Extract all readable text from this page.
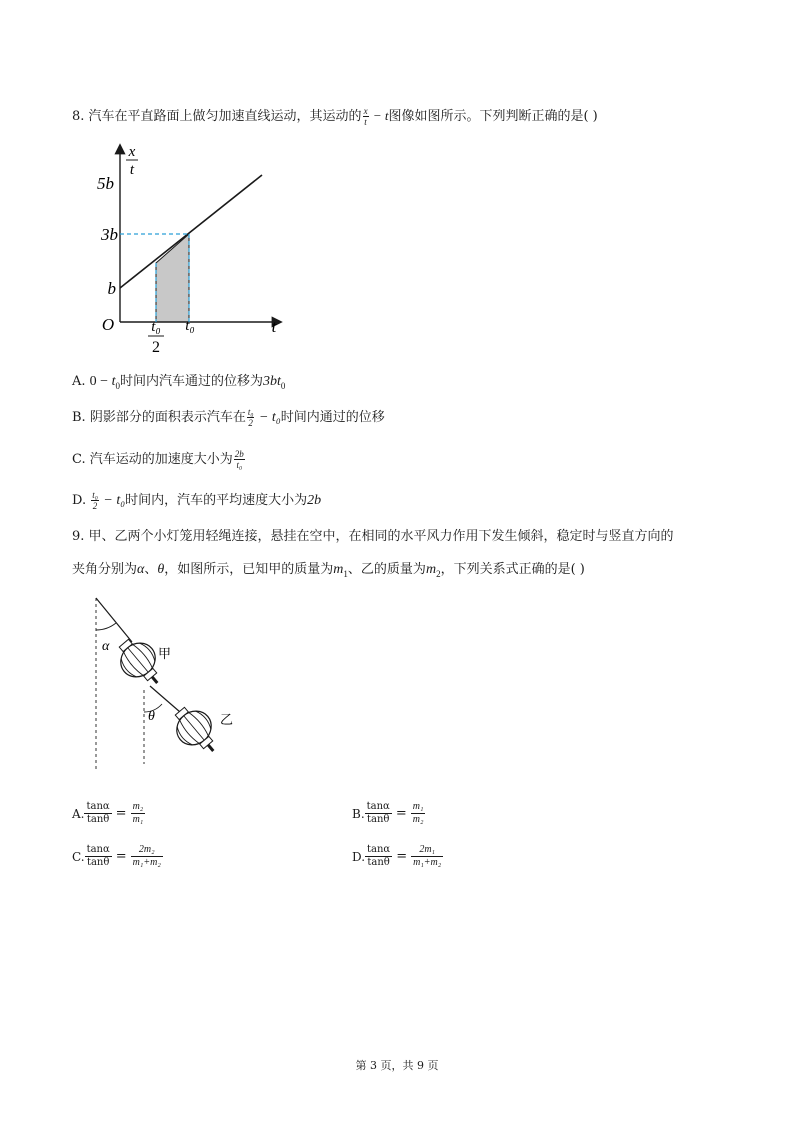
8. 汽车在平直路面上做匀加速直线运动，其运动的 $\frac{x}{t} - t$图像如图所示。下列判断正确的是( )
x
t
5b
3b
b
O t₀
2
t₀	t
A. $0 - t_0$时间内汽车通过的位移为$3bt_0$
B. 阴影部分的面积表示汽车在 $\frac{\text{t₀}}{2} - t_0$时间内通过的位移
C. 汽车运动的加速度大小为 $\frac{2b}{\text{t₀}}$
D. $\frac{\text{t₀}}{2} - t_0$时间内，汽车的平均速度大小为2b
9. 甲、乙两个小灯笼用轻绳连接，悬挂在空中，在相同的水平风力作用下发生倾斜，稳定时与竖直方向的
夹角分别为α、θ，如图所示，已知甲的质量为$m_1$、乙的质量为$m_2$，下列关系式正确的是( )
α	甲
θ	乙
A. $\frac{\tan\alpha}{\tan\theta} = \frac{\text{m₂}}{\text{m₁}}$	B. $\frac{\tan\alpha}{\tan\theta} = \frac{\text{m₁}}{\text{m₂}}$
C. $\frac{\tan\alpha}{\tan\theta} = \frac{\text{2m₂}}{\text{m₁+m₂}}$	D. $\frac{\tan\alpha}{\tan\theta} = \frac{\text{2m₁}}{\text{m₁+m₂}}$
第 3 页，共 9 页
